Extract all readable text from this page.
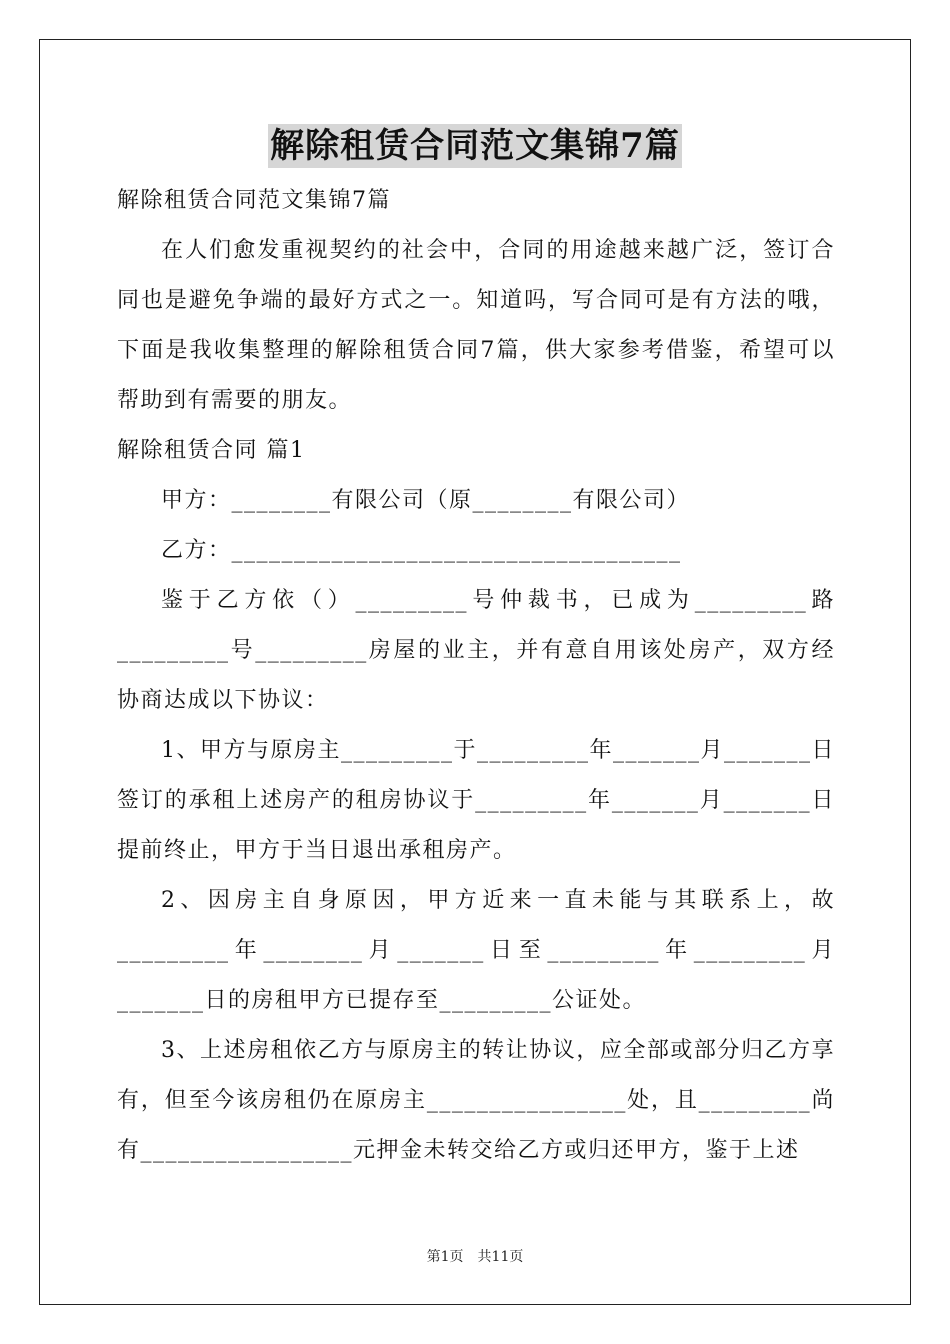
解除租赁合同范文集锦7篇

解除租赁合同范文集锦7篇

在人们愈发重视契约的社会中，合同的用途越来越广泛，签订合同也是避免争端的最好方式之一。知道吗，写合同可是有方法的哦，下面是我收集整理的解除租赁合同7篇，供大家参考借鉴，希望可以帮助到有需要的朋友。

解除租赁合同 篇1

甲方：________有限公司（原________有限公司）

乙方：____________________________________

鉴于乙方依（）_________号仲裁书，已成为_________路_________号_________房屋的业主，并有意自用该处房产，双方经协商达成以下协议：

1、甲方与原房主_________于_________年_______月_______日签订的承租上述房产的租房协议于_________年_______月_______日提前终止，甲方于当日退出承租房产。

2、因房主自身原因，甲方近来一直未能与其联系上，故_________年________月_______日至_________年_________月_______日的房租甲方已提存至_________公证处。

3、上述房租依乙方与原房主的转让协议，应全部或部分归乙方享有，但至今该房租仍在原房主________________处，且_________尚有_________________元押金未转交给乙方或归还甲方，鉴于上述

第1页　共11页
